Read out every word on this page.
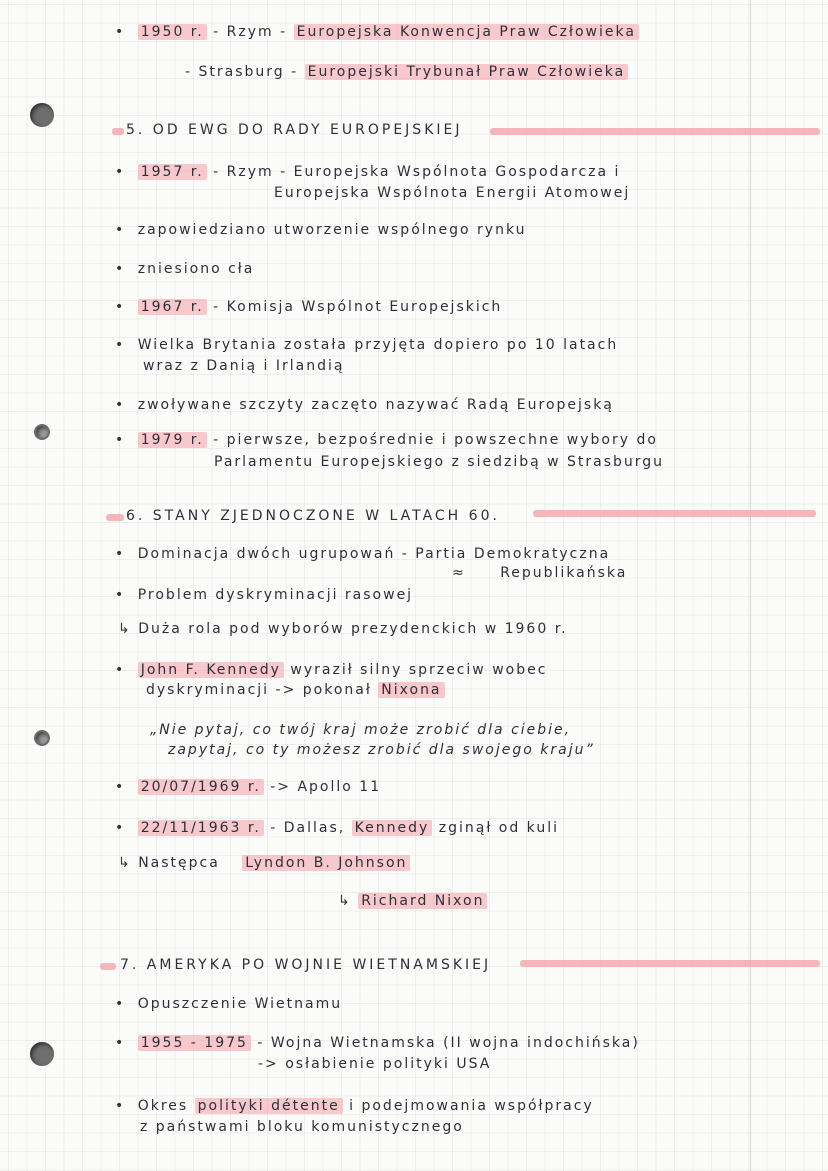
• 1950 r. - Rzym - Europejska Konwencja Praw Człowieka
- Strasburg - Europejski Trybunał Praw Człowieka
5. OD EWG DO RADY EUROPEJSKIEJ
• 1957 r. - Rzym - Europejska Wspólnota Gospodarcza i
Europejska Wspólnota Energii Atomowej
• zapowiedziano utworzenie wspólnego rynku
• zniesiono cła
• 1967 r. - Komisja Wspólnot Europejskich
• Wielka Brytania została przyjęta dopiero po 10 latach
wraz z Danią i Irlandią
• zwoływane szczyty zaczęto nazywać Radą Europejską
• 1979 r. - pierwsze, bezpośrednie i powszechne wybory do
Parlamentu Europejskiego z siedzibą w Strasburgu
6. STANY ZJEDNOCZONE W LATACH 60.
• Dominacja dwóch ugrupowań - Partia Demokratyczna
≈ Republikańska
• Problem dyskryminacji rasowej
↳ Duża rola pod wyborów prezydenckich w 1960 r.
• John F. Kennedy wyraził silny sprzeciw wobec
dyskryminacji -> pokonał Nixona
„Nie pytaj, co twój kraj może zrobić dla ciebie,
zapytaj, co ty możesz zrobić dla swojego kraju”
• 20/07/1969 r. -> Apollo 11
• 22/11/1963 r. - Dallas, Kennedy zginął od kuli
↳ Następca Lyndon B. Johnson
↳ Richard Nixon
7. AMERYKA PO WOJNIE WIETNAMSKIEJ
• Opuszczenie Wietnamu
• 1955 - 1975 - Wojna Wietnamska (II wojna indochińska)
-> osłabienie polityki USA
• Okres polityki détente i podejmowania współpracy
z państwami bloku komunistycznego
